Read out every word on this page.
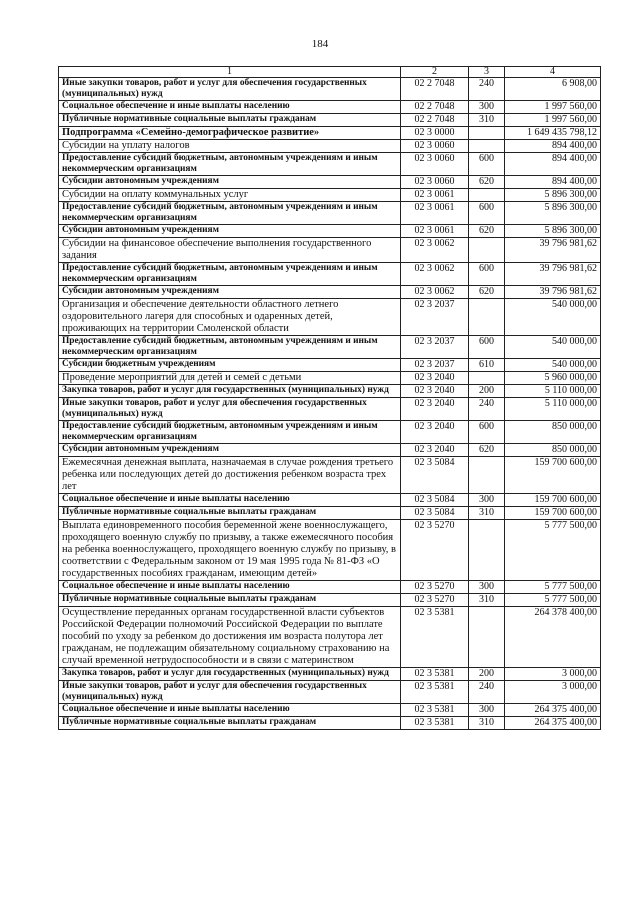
184
1	2	3	4
Иные закупки товаров, работ и услуг для обеспечения государственных (муниципальных) нужд	02 2 7048	240	6 908,00
Социальное обеспечение и иные выплаты населению	02 2 7048	300	1 997 560,00
Публичные нормативные социальные выплаты гражданам	02 2 7048	310	1 997 560,00
Подпрограмма «Семейно-демографическое развитие»	02 3 0000		1 649 435 798,12
Субсидии на уплату налогов	02 3 0060		894 400,00
Предоставление субсидий бюджетным, автономным учреждениям и иным некоммерческим организациям	02 3 0060	600	894 400,00
Субсидии автономным учреждениям	02 3 0060	620	894 400,00
Субсидии на оплату коммунальных услуг	02 3 0061		5 896 300,00
Предоставление субсидий бюджетным, автономным учреждениям и иным некоммерческим организациям	02 3 0061	600	5 896 300,00
Субсидии автономным учреждениям	02 3 0061	620	5 896 300,00
Субсидии на финансовое обеспечение выполнения государственного задания	02 3 0062		39 796 981,62
Предоставление субсидий бюджетным, автономным учреждениям и иным некоммерческим организациям	02 3 0062	600	39 796 981,62
Субсидии автономным учреждениям	02 3 0062	620	39 796 981,62
Организация и обеспечение деятельности областного летнего оздоровительного лагеря для способных и одаренных детей, проживающих на территории Смоленской области	02 3 2037		540 000,00
Предоставление субсидий бюджетным, автономным учреждениям и иным некоммерческим организациям	02 3 2037	600	540 000,00
Субсидии бюджетным учреждениям	02 3 2037	610	540 000,00
Проведение мероприятий для детей и семей с детьми	02 3 2040		5 960 000,00
Закупка товаров, работ и услуг для государственных (муниципальных) нужд	02 3 2040	200	5 110 000,00
Иные закупки товаров, работ и услуг для обеспечения государственных (муниципальных) нужд	02 3 2040	240	5 110 000,00
Предоставление субсидий бюджетным, автономным учреждениям и иным некоммерческим организациям	02 3 2040	600	850 000,00
Субсидии автономным учреждениям	02 3 2040	620	850 000,00
Ежемесячная денежная выплата, назначаемая в случае рождения третьего ребенка или последующих детей до достижения ребенком возраста трех лет	02 3 5084		159 700 600,00
Социальное обеспечение и иные выплаты населению	02 3 5084	300	159 700 600,00
Публичные нормативные социальные выплаты гражданам	02 3 5084	310	159 700 600,00
Выплата единовременного пособия беременной жене военнослужащего, проходящего военную службу по призыву, а также ежемесячного пособия на ребенка военнослужащего, проходящего военную службу по призыву, в соответствии с Федеральным законом от 19 мая 1995 года № 81-ФЗ «О государственных пособиях гражданам, имеющим детей»	02 3 5270		5 777 500,00
Социальное обеспечение и иные выплаты населению	02 3 5270	300	5 777 500,00
Публичные нормативные социальные выплаты гражданам	02 3 5270	310	5 777 500,00
Осуществление переданных органам государственной власти субъектов Российской Федерации полномочий Российской Федерации по выплате пособий по уходу за ребенком до достижения им возраста полутора лет гражданам, не подлежащим обязательному социальному страхованию на случай временной нетрудоспособности и в связи с материнством	02 3 5381		264 378 400,00
Закупка товаров, работ и услуг для государственных (муниципальных) нужд	02 3 5381	200	3 000,00
Иные закупки товаров, работ и услуг для обеспечения государственных (муниципальных) нужд	02 3 5381	240	3 000,00
Социальное обеспечение и иные выплаты населению	02 3 5381	300	264 375 400,00
Публичные нормативные социальные выплаты гражданам	02 3 5381	310	264 375 400,00
